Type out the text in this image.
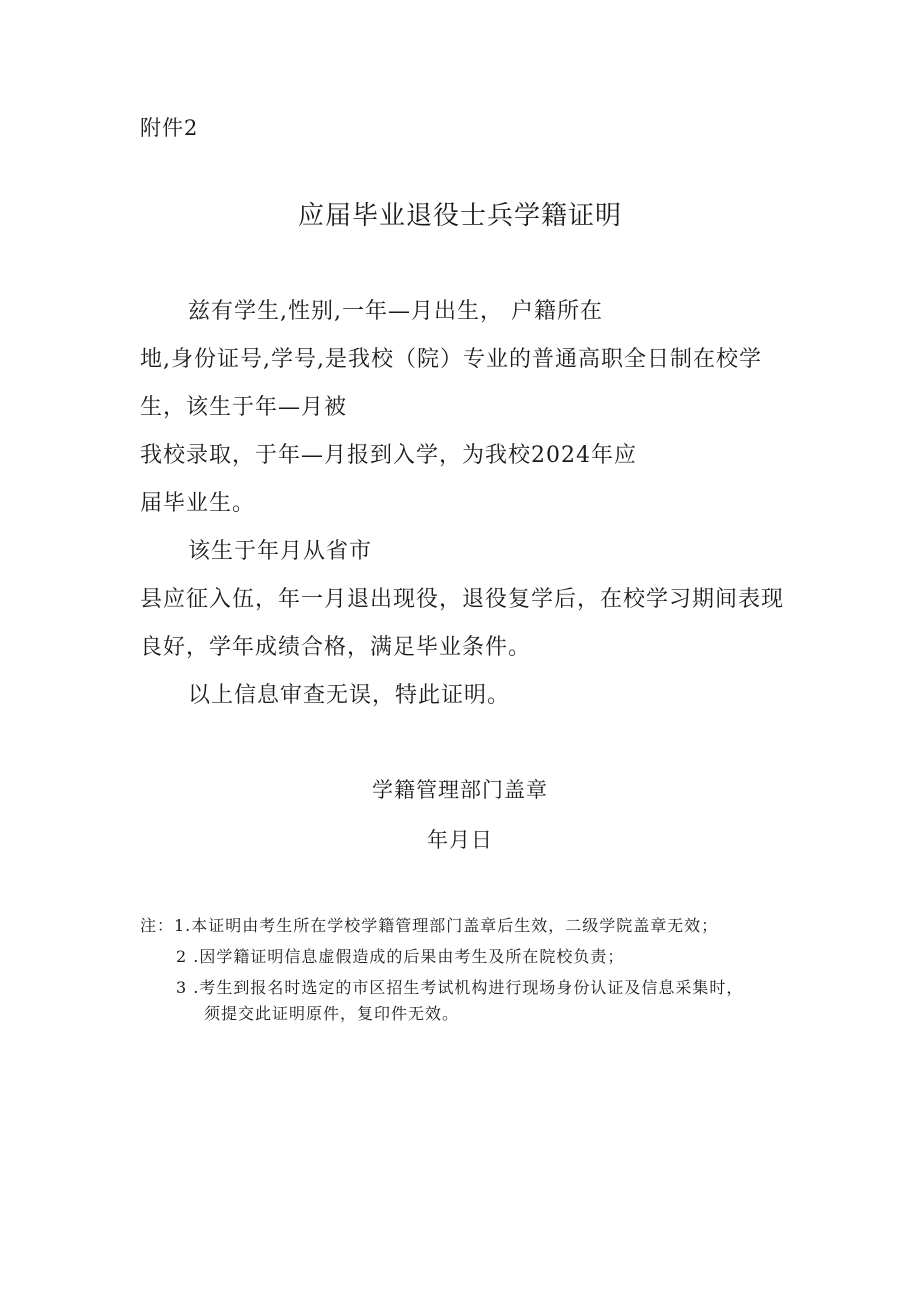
附件2
应届毕业退役士兵学籍证明
兹有学生,性别,一年—月出生， 户籍所在
地,身份证号,学号,是我校（院）专业的普通高职全日制在校学
生，该生于年—月被
我校录取，于年—月报到入学，为我校2024年应
届毕业生。
该生于年月从省市
县应征入伍，年一月退出现役，退役复学后，在校学习期间表现
良好，学年成绩合格，满足毕业条件。
以上信息审查无误，特此证明。
学籍管理部门盖章
年月日
注： 1.本证明由考生所在学校学籍管理部门盖章后生效，二级学院盖章无效；
2 .因学籍证明信息虚假造成的后果由考生及所在院校负责；
3 .考生到报名时选定的市区招生考试机构进行现场身份认证及信息采集时，
须提交此证明原件，复印件无效。
